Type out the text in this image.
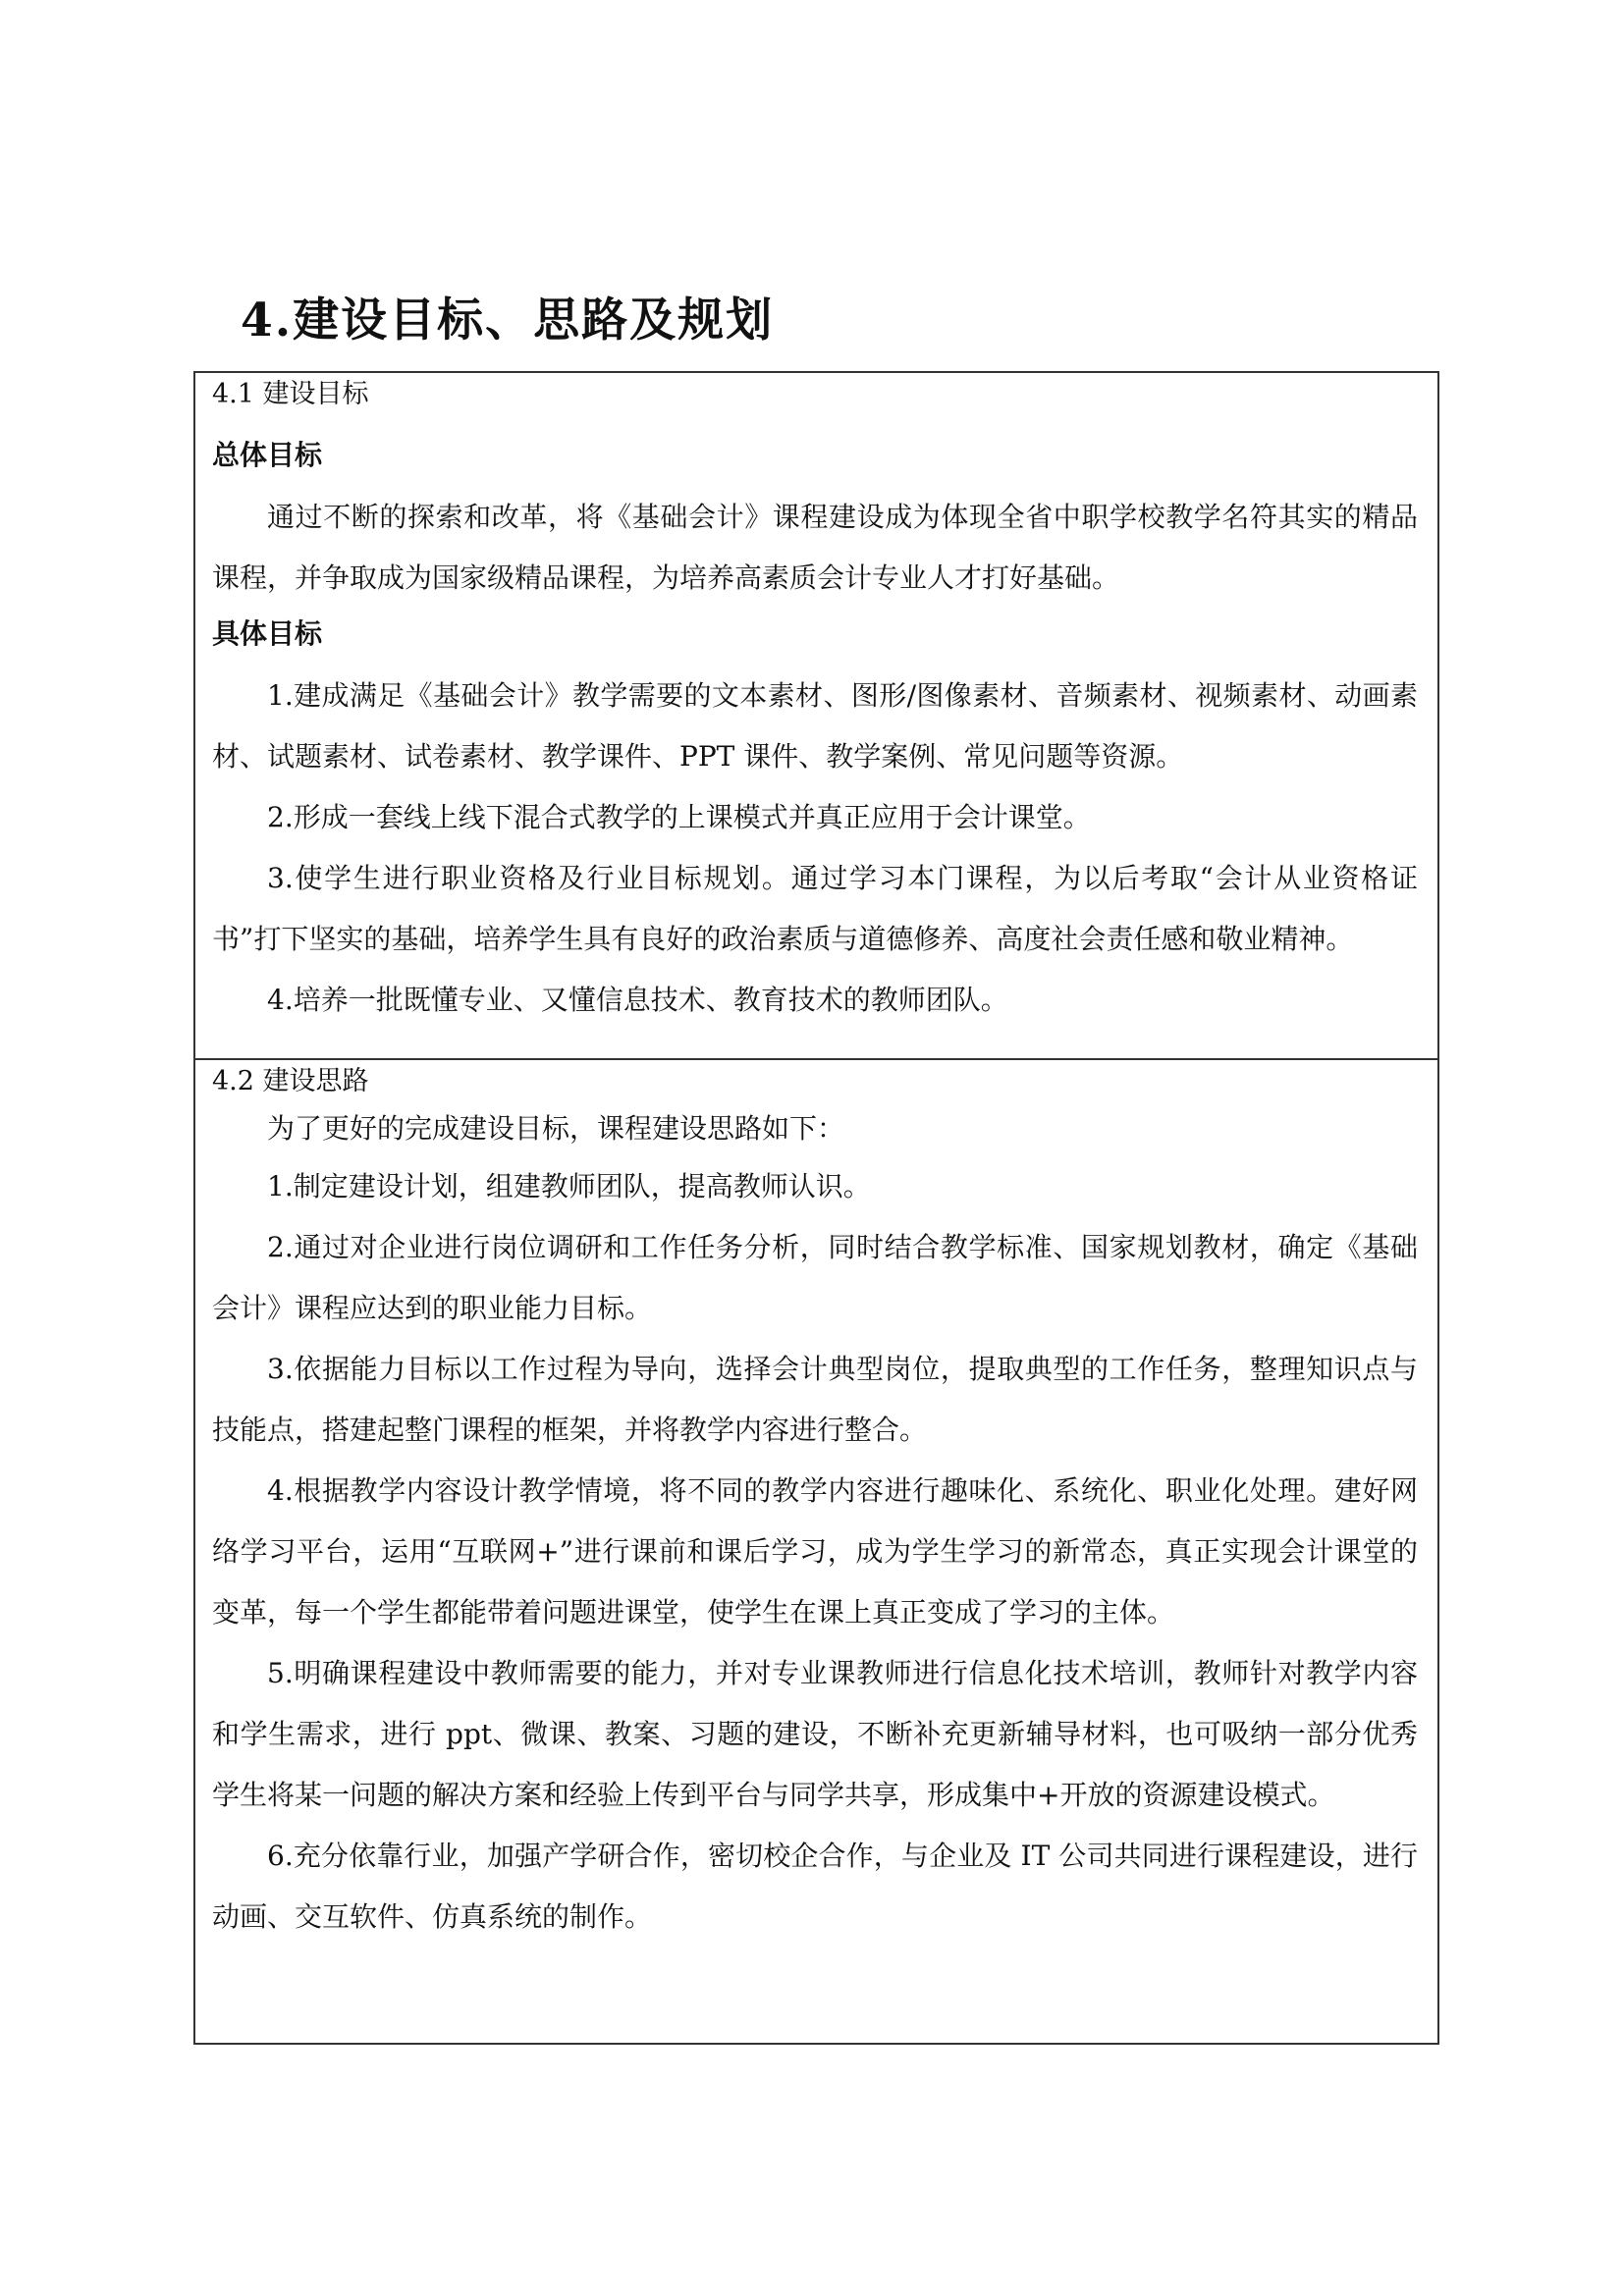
4.建设目标、思路及规划
4.1 建设目标
总体目标

通过不断的探索和改革，将《基础会计》课程建设成为体现全省中职学校教学名符其实的精品课程，并争取成为国家级精品课程，为培养高素质会计专业人才打好基础。

具体目标

1.建成满足《基础会计》教学需要的文本素材、图形/图像素材、音频素材、视频素材、动画素材、试题素材、试卷素材、教学课件、PPT 课件、教学案例、常见问题等资源。

2.形成一套线上线下混合式教学的上课模式并真正应用于会计课堂。

3.使学生进行职业资格及行业目标规划。通过学习本门课程，为以后考取“会计从业资格证书”打下坚实的基础，培养学生具有良好的政治素质与道德修养、高度社会责任感和敬业精神。

4.培养一批既懂专业、又懂信息技术、教育技术的教师团队。

4.2 建设思路

为了更好的完成建设目标，课程建设思路如下：

1.制定建设计划，组建教师团队，提高教师认识。

2.通过对企业进行岗位调研和工作任务分析，同时结合教学标准、国家规划教材，确定《基础会计》课程应达到的职业能力目标。

3.依据能力目标以工作过程为导向，选择会计典型岗位，提取典型的工作任务，整理知识点与技能点，搭建起整门课程的框架，并将教学内容进行整合。

4.根据教学内容设计教学情境，将不同的教学内容进行趣味化、系统化、职业化处理。建好网络学习平台，运用“互联网+”进行课前和课后学习，成为学生学习的新常态，真正实现会计课堂的变革，每一个学生都能带着问题进课堂，使学生在课上真正变成了学习的主体。

5.明确课程建设中教师需要的能力，并对专业课教师进行信息化技术培训，教师针对教学内容和学生需求，进行 ppt、微课、教案、习题的建设，不断补充更新辅导材料，也可吸纳一部分优秀学生将某一问题的解决方案和经验上传到平台与同学共享，形成集中+开放的资源建设模式。

6.充分依靠行业，加强产学研合作，密切校企合作，与企业及 IT 公司共同进行课程建设，进行动画、交互软件、仿真系统的制作。
